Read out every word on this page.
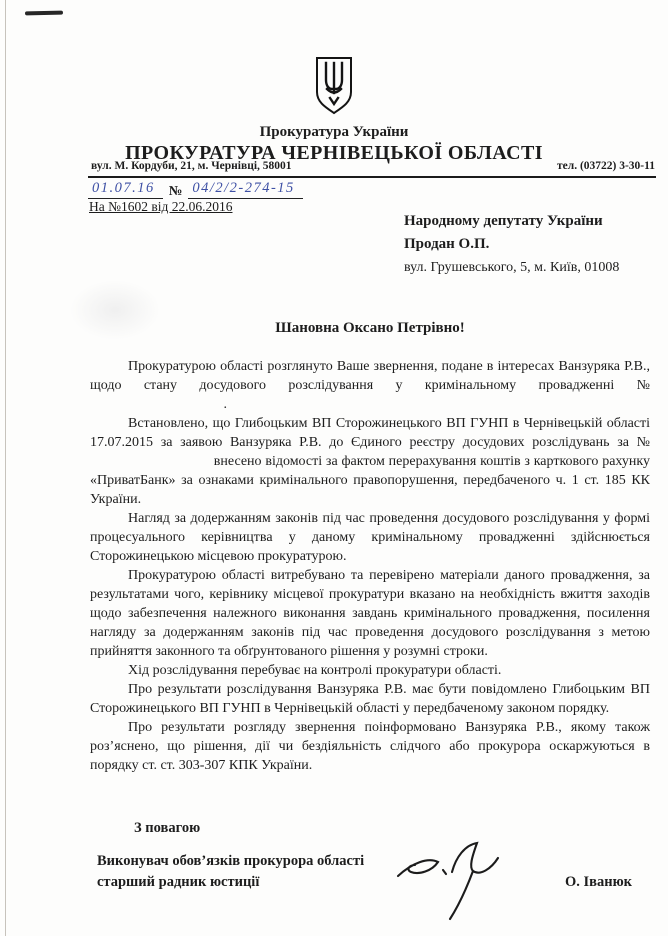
Прокуратура України
ПРОКУРАТУРА ЧЕРНІВЕЦЬКОЇ ОБЛАСТІ
вул. М. Кордуби, 21, м. Чернівці, 58001	тел. (03722) 3-30-11
01.07.16	№ 04/2/2-274-15
На №1602 від 22.06.2016
Народному депутату України
Продан О.П.
вул. Грушевського, 5, м. Київ, 01008
Шановна Оксано Петрівно!

Прокуратурою області розглянуто Ваше звернення, подане в інтересах Ванзуряка Р.В., щодо стану досудового розслідування у кримінальному провадженні №  .

Встановлено, що Глибоцьким ВП Сторожинецького ВП ГУНП в Чернівецькій області 17.07.2015 за заявою Ванзуряка Р.В. до Єдиного реєстру досудових розслідувань за №  внесено відомості за фактом перерахування коштів з карткового рахунку «ПриватБанк» за ознаками кримінального правопорушення, передбаченого ч. 1 ст. 185 КК України.

Нагляд за додержанням законів під час проведення досудового розслідування у формі процесуального керівництва у даному кримінальному провадженні здійснюється Сторожинецькою місцевою прокуратурою.

Прокуратурою області витребувано та перевірено матеріали даного провадження, за результатами чого, керівнику місцевої прокуратури вказано на необхідність вжиття заходів щодо забезпечення належного виконання завдань кримінального провадження, посилення нагляду за додержанням законів під час проведення досудового розслідування з метою прийняття законного та обґрунтованого рішення у розумні строки.

Хід розслідування перебуває на контролі прокуратури області.

Про результати розслідування Ванзуряка Р.В. має бути повідомлено Глибоцьким ВП Сторожинецького ВП ГУНП в Чернівецькій області у передбаченому законом порядку.

Про результати розгляду звернення поінформовано Ванзуряка Р.В., якому також роз’яснено, що рішення, дії чи бездіяльність слідчого або прокурора оскаржуються в порядку ст. ст. 303-307 КПК України.

З повагою
Виконувач обов’язків прокурора області
старший радник юстиції	О. Іванюк
